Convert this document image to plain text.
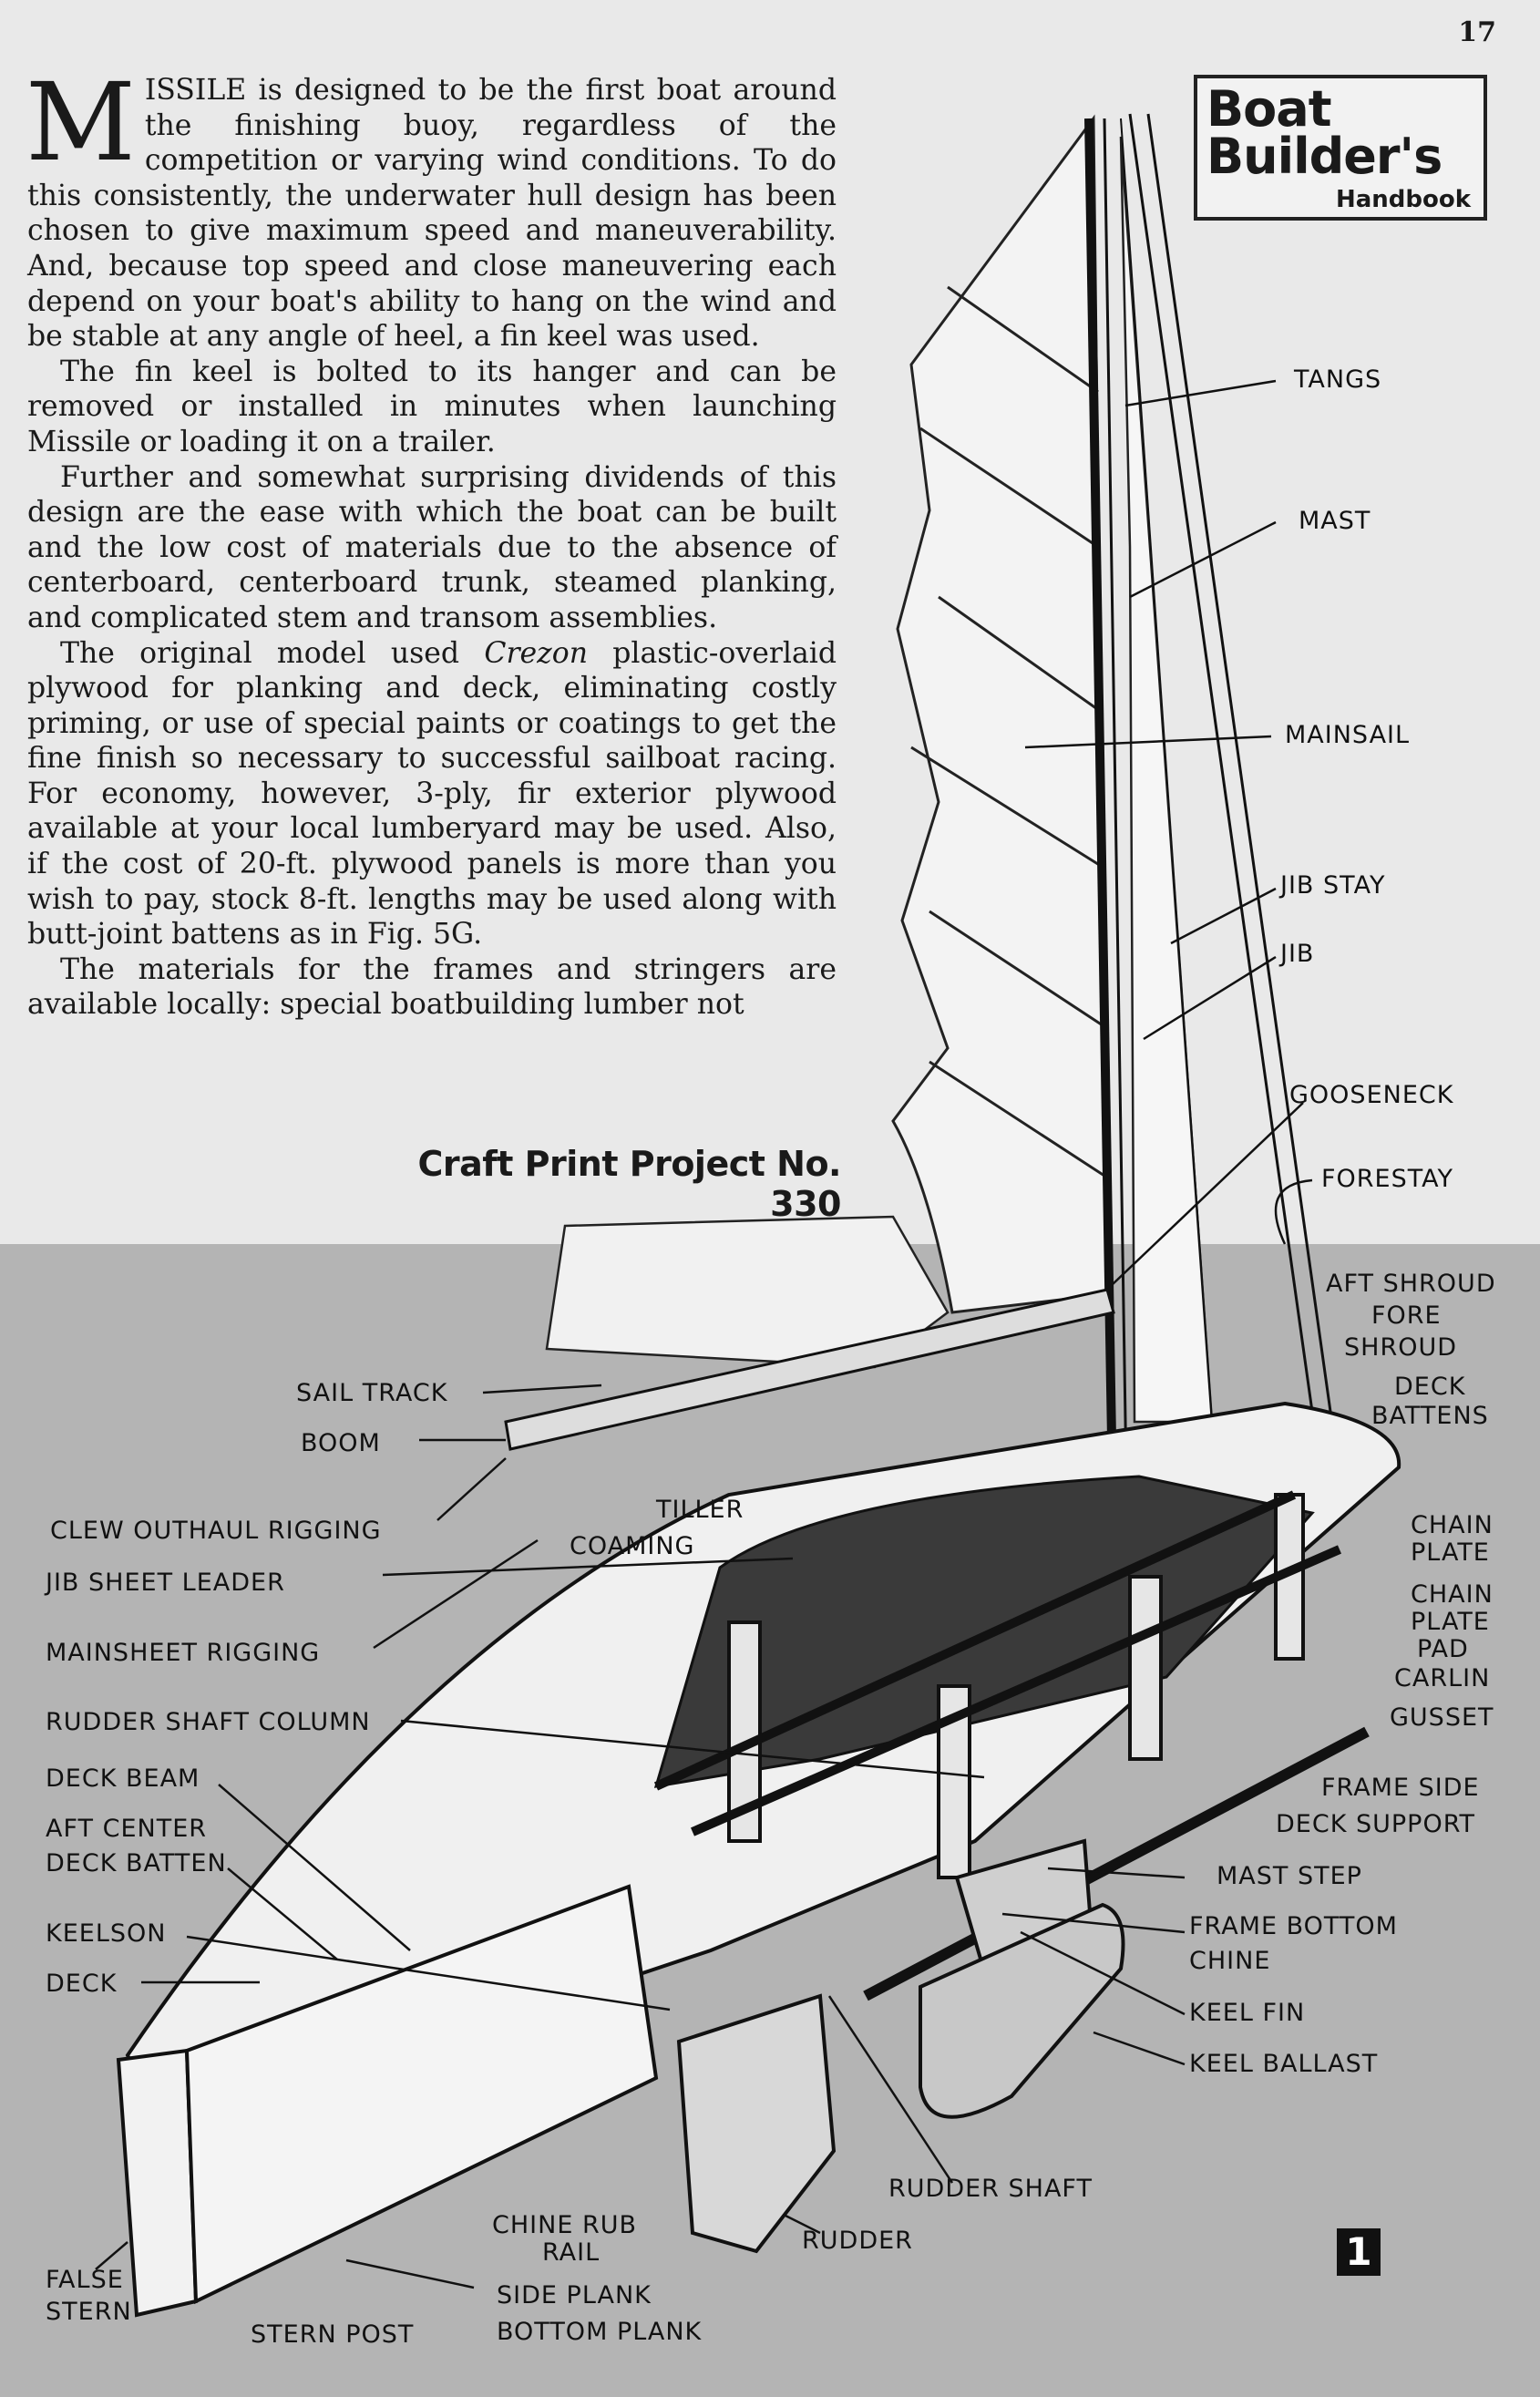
TANGS
MAST
MAINSAIL
JIB STAY
JIB
GOOSENECK
FORESTAY
AFT SHROUD
FORE
SHROUD
DECK
BATTENS
CHAIN
PLATE
CHAIN
PLATE
PAD
CARLIN
GUSSET
FRAME SIDE
DECK SUPPORT
MAST STEP
FRAME BOTTOM
CHINE
KEEL FIN
KEEL BALLAST
RUDDER SHAFT
RUDDER
CHINE RUB
RAIL
SIDE PLANK
BOTTOM PLANK
STERN POST
FALSE
STERN
SAIL TRACK
BOOM
CLEW OUTHAUL RIGGING
TILLER
COAMING
JIB SHEET LEADER
MAINSHEET RIGGING
RUDDER SHAFT COLUMN
DECK BEAM
AFT CENTER
DECK BATTEN
KEELSON
DECK
17
Boat
Builder's
Handbook

MISSILE is designed to be the first boat around the finishing buoy, regardless of the competition or varying wind conditions. To do this consistently, the underwater hull design has been chosen to give maximum speed and maneuverability. And, because top speed and close maneuvering each depend on your boat's ability to hang on the wind and be stable at any angle of heel, a fin keel was used.

The fin keel is bolted to its hanger and can be removed or installed in minutes when launching Missile or loading it on a trailer.

Further and somewhat surprising dividends of this design are the ease with which the boat can be built and the low cost of materials due to the absence of centerboard, centerboard trunk, steamed planking, and complicated stem and transom assemblies.

The original model used Crezon plastic-overlaid plywood for planking and deck, eliminating costly priming, or use of special paints or coatings to get the fine finish so necessary to successful sailboat racing. For economy, however, 3-ply, fir exterior plywood available at your local lumberyard may be used. Also, if the cost of 20-ft. plywood panels is more than you wish to pay, stock 8-ft. lengths may be used along with butt-joint battens as in Fig. 5G.

The materials for the frames and stringers are available locally: special boatbuilding lumber not

Craft Print Project No. 330
1
